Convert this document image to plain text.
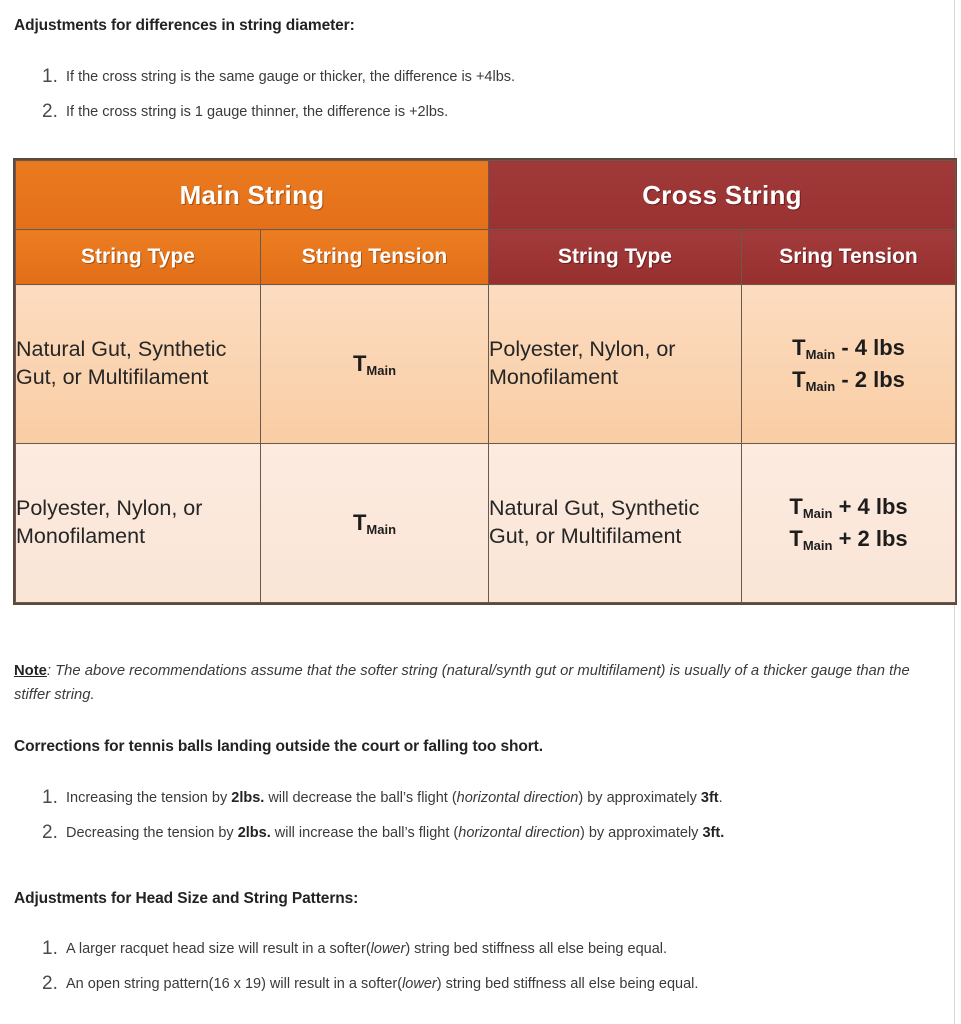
Adjustments for differences in string diameter:
1. If the cross string is the same gauge or thicker, the difference is +4lbs.
2. If the cross string is 1 gauge thinner, the difference is +2lbs.
Main String		Cross String	
String Type	String Tension	String Type	Sring Tension
Natural Gut, Synthetic Gut, or Multifilament	$T_{Main}$	Polyester, Nylon, or Monofilament	$T_{Main} - 4$ lbs
$T_{Main} - 2$ lbs

Polyester, Nylon, or Monofilament	$T_{Main}$	Natural Gut, Synthetic Gut, or Multifilament	$T_{Main} + 4$ lbs
$T_{Main} + 2$ lbs

Note: The above recommendations assume that the softer string (natural/synth gut or multifilament) is usually of a thicker gauge than the stiffer string.

Corrections for tennis balls landing outside the court or falling too short.
1. Increasing the tension by 2lbs. will decrease the ball’s flight (horizontal direction) by approximately 3ft.
2. Decreasing the tension by 2lbs. will increase the ball’s flight (horizontal direction) by approximately 3ft.
Adjustments for Head Size and String Patterns:
1. A larger racquet head size will result in a softer(lower) string bed stiffness all else being equal.
2. An open string pattern(16 x 19) will result in a softer(lower) string bed stiffness all else being equal.
